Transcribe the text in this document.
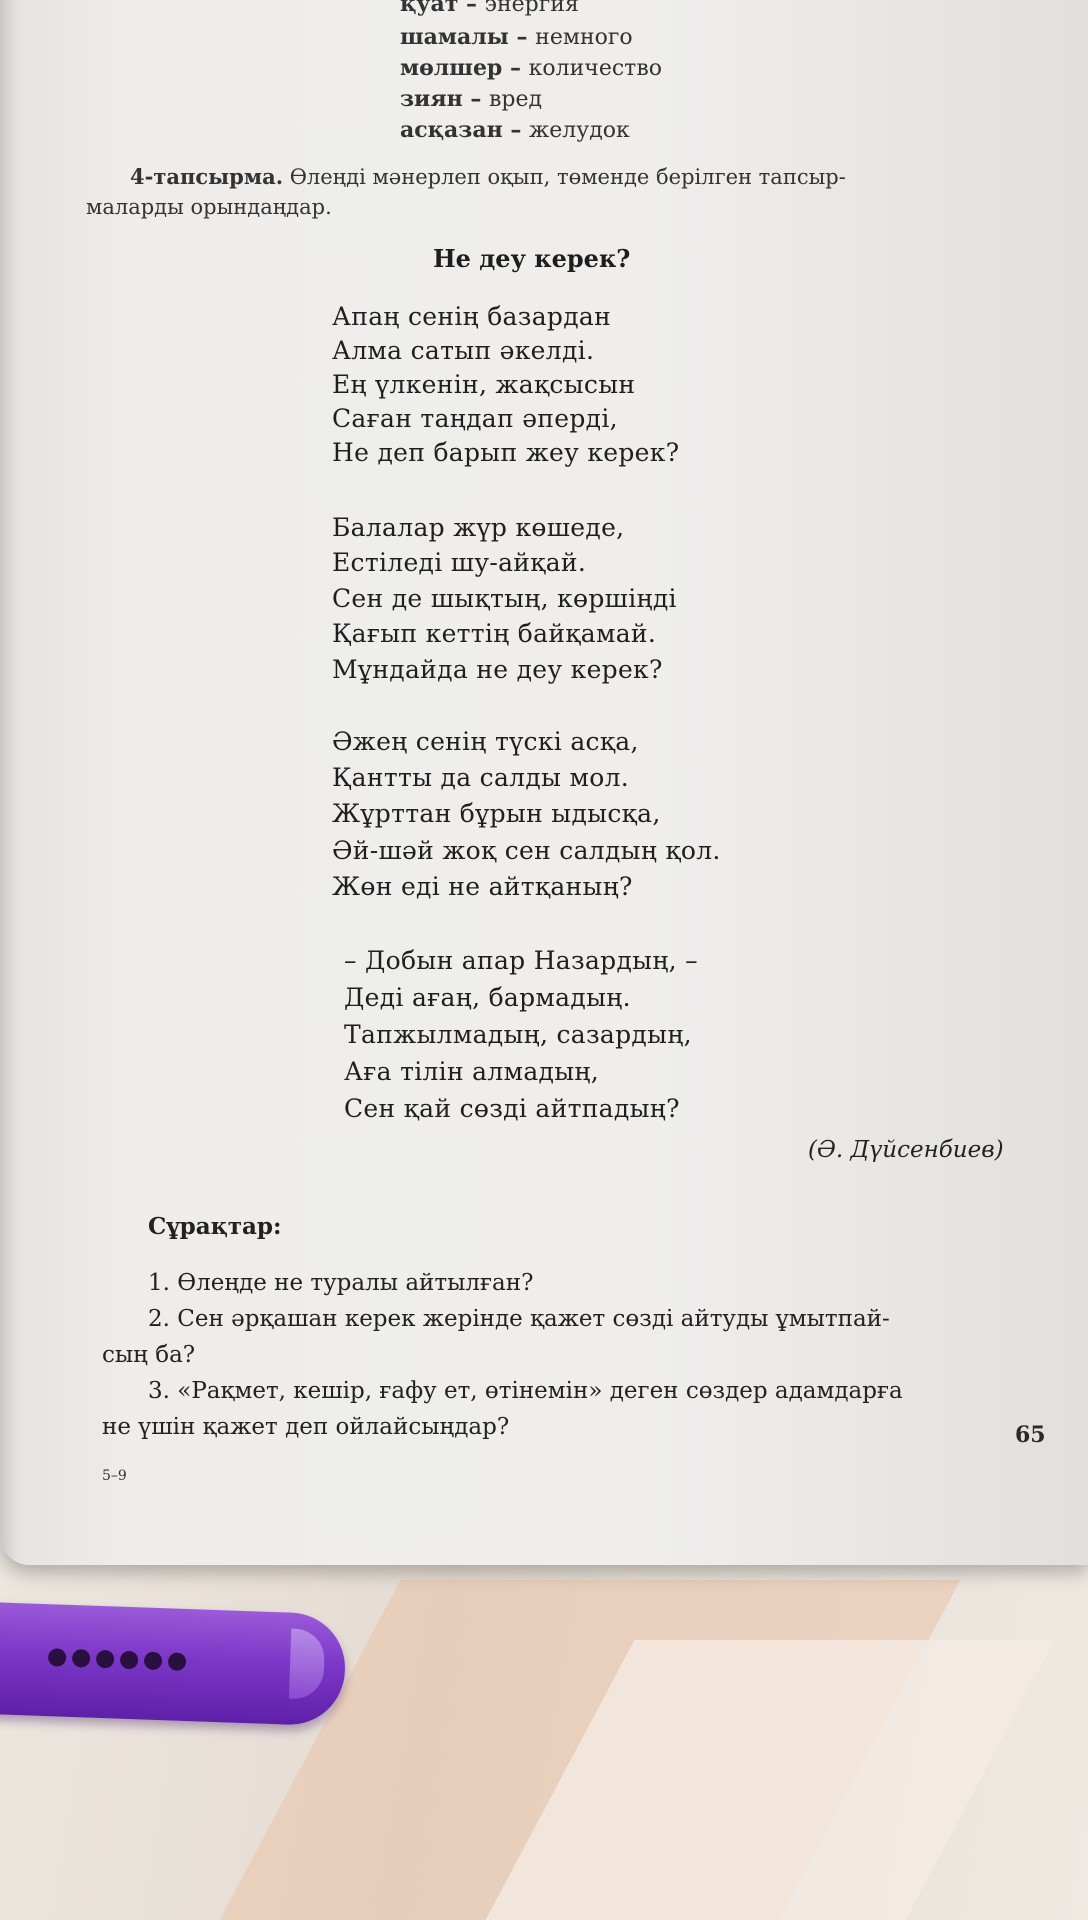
қуат – энергия
шамалы – немного
мөлшер – количество
зиян – вред
асқазан – желудок
4-тапсырма. Өлеңді мәнерлеп оқып, төменде берілген тапсыр-
маларды орындаңдар.
Не деу керек?
Апаң сенің базардан
Алма сатып әкелді.
Ең үлкенін, жақсысын
Саған таңдап әперді,
Не деп барып жеу керек?
Балалар жүр көшеде,
Естіледі шу-айқай.
Сен де шықтың, көршіңді
Қағып кеттің байқамай.
Мұндайда не деу керек?
Әжең сенің түскі асқа,
Қантты да салды мол.
Жұрттан бұрын ыдысқа,
Әй-шәй жоқ сен салдың қол.
Жөн еді не айтқаның?
– Добын апар Назардың, –
Деді ағаң, бармадың.
Тапжылмадың, сазардың,
Аға тілін алмадың,
Сен қай сөзді айтпадың?
(Ә. Дүйсенбиев)
Сұрақтар:
1. Өлеңде не туралы айтылған?
2. Сен әрқашан керек жерінде қажет сөзді айтуды ұмытпай-
сың ба?
3. «Рақмет, кешір, ғафу ет, өтінемін» деген сөздер адамдарға
не үшін қажет деп ойлайсыңдар?	65
5–9
